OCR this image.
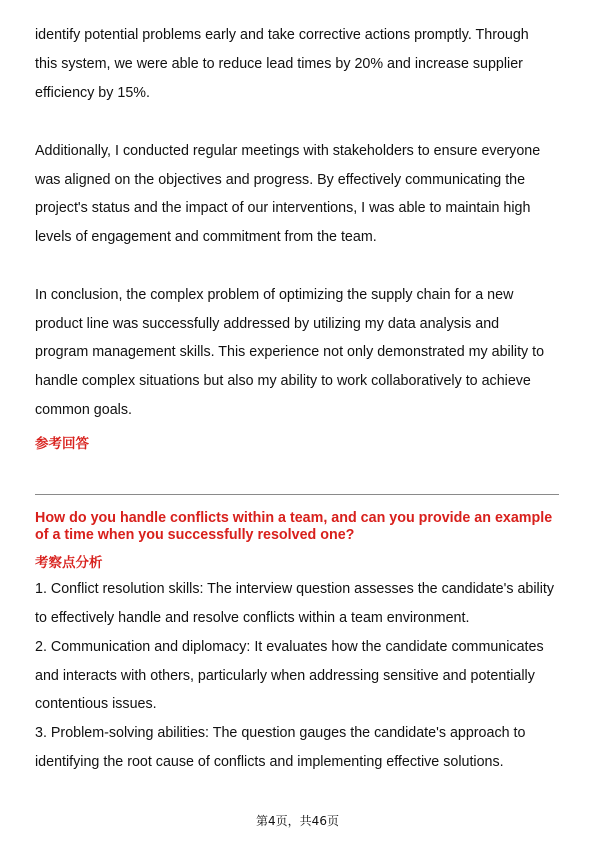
identify potential problems early and take corrective actions promptly. Through

this system, we were able to reduce lead times by 20% and increase supplier

efficiency by 15%.

Additionally, I conducted regular meetings with stakeholders to ensure everyone

was aligned on the objectives and progress. By effectively communicating the

project's status and the impact of our interventions, I was able to maintain high

levels of engagement and commitment from the team.

In conclusion, the complex problem of optimizing the supply chain for a new

product line was successfully addressed by utilizing my data analysis and

program management skills. This experience not only demonstrated my ability to

handle complex situations but also my ability to work collaboratively to achieve

common goals.

参考回答

How do you handle conflicts within a team, and can you provide an example

of a time when you successfully resolved one?

考察点分析

1. Conflict resolution skills: The interview question assesses the candidate's ability

to effectively handle and resolve conflicts within a team environment.

2. Communication and diplomacy: It evaluates how the candidate communicates

and interacts with others, particularly when addressing sensitive and potentially

contentious issues.

3. Problem-solving abilities: The question gauges the candidate's approach to

identifying the root cause of conflicts and implementing effective solutions.

第4页，共46页
